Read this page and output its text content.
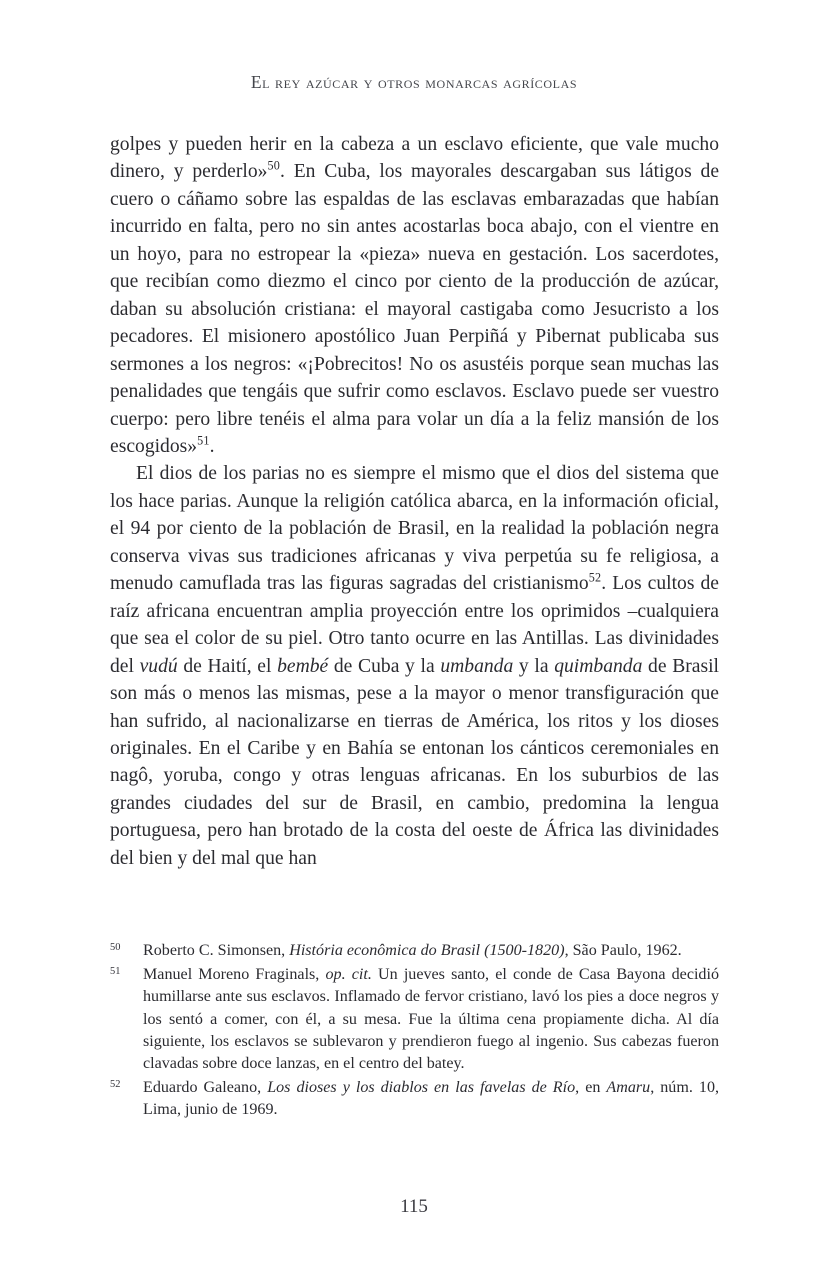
El rey azúcar y otros monarcas agrícolas

golpes y pueden herir en la cabeza a un esclavo eficiente, que vale mucho dinero, y perderlo»$^{50}$. En Cuba, los mayorales descargaban sus látigos de cuero o cáñamo sobre las espaldas de las esclavas embarazadas que habían incurrido en falta, pero no sin antes acostarlas boca abajo, con el vientre en un hoyo, para no estropear la «pieza» nueva en gestación. Los sacerdotes, que recibían como diezmo el cinco por ciento de la producción de azúcar, daban su absolución cristiana: el mayoral castigaba como Jesucristo a los pecadores. El misionero apostólico Juan Perpiñá y Pibernat publicaba sus sermones a los negros: «¡Pobrecitos! No os asustéis porque sean muchas las penalidades que tengáis que sufrir como esclavos. Esclavo puede ser vuestro cuerpo: pero libre tenéis el alma para volar un día a la feliz mansión de los escogidos»$^{51}$.

El dios de los parias no es siempre el mismo que el dios del sistema que los hace parias. Aunque la religión católica abarca, en la información oficial, el 94 por ciento de la población de Brasil, en la realidad la población negra conserva vivas sus tradiciones africanas y viva perpetúa su fe religiosa, a menudo camuflada tras las figuras sagradas del cristianismo$^{52}$. Los cultos de raíz africana encuentran amplia proyección entre los oprimidos –cualquiera que sea el color de su piel. Otro tanto ocurre en las Antillas. Las divinidades del vudú de Haití, el bembé de Cuba y la umbanda y la quimbanda de Brasil son más o menos las mismas, pese a la mayor o menor transfiguración que han sufrido, al nacionalizarse en tierras de América, los ritos y los dioses originales. En el Caribe y en Bahía se entonan los cánticos ceremoniales en nagô, yoruba, congo y otras lenguas africanas. En los suburbios de las grandes ciudades del sur de Brasil, en cambio, predomina la lengua portuguesa, pero han brotado de la costa del oeste de África las divinidades del bien y del mal que han

50 Roberto C. Simonsen, História econômica do Brasil (1500-1820), São Paulo, 1962.

51 Manuel Moreno Fraginals, op. cit. Un jueves santo, el conde de Casa Bayona decidió humillarse ante sus esclavos. Inflamado de fervor cristiano, lavó los pies a doce negros y los sentó a comer, con él, a su mesa. Fue la última cena propiamente dicha. Al día siguiente, los esclavos se sublevaron y prendieron fuego al ingenio. Sus cabezas fueron clavadas sobre doce lanzas, en el centro del batey.

52 Eduardo Galeano, Los dioses y los diablos en las favelas de Río, en Amaru, núm. 10, Lima, junio de 1969.

115
